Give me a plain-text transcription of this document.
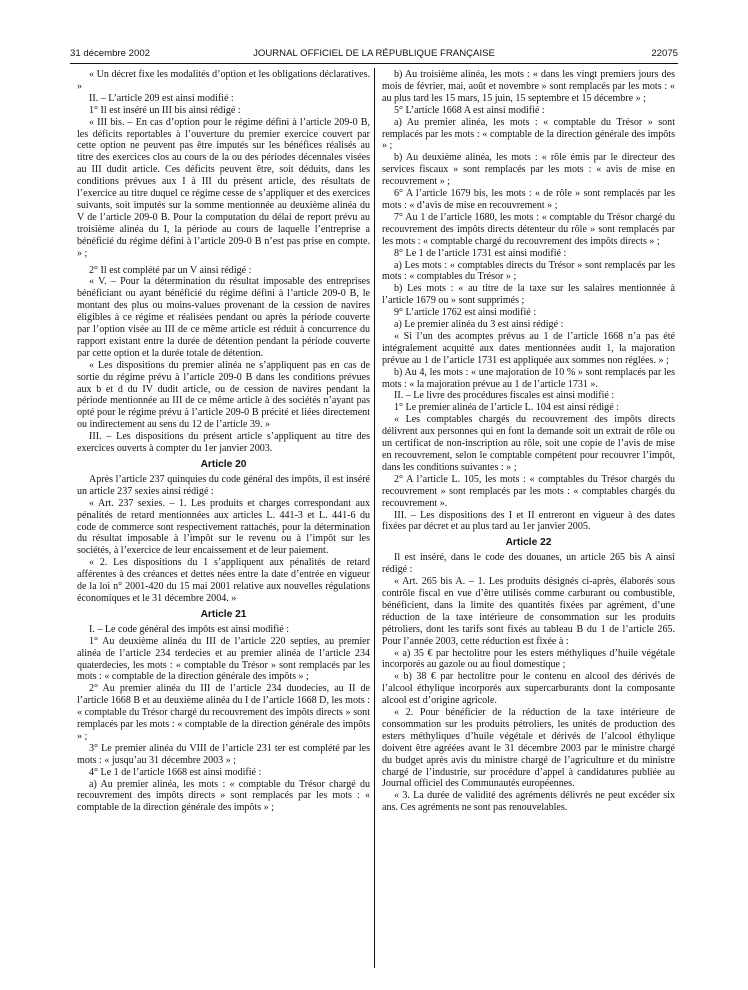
31 décembre 2002	JOURNAL OFFICIEL DE LA RÉPUBLIQUE FRANÇAISE	22075

« Un décret fixe les modalités d’option et les obligations déclaratives. »

II. – L’article 209 est ainsi modifié :

1° Il est inséré un III bis ainsi rédigé :

« III bis. – En cas d’option pour le régime défini à l’article 209-0 B, les déficits reportables à l’ouverture du premier exercice couvert par cette option ne peuvent pas être imputés sur les bénéfices réalisés au titre des exercices clos au cours de la ou des périodes décennales visées au III dudit article. Ces déficits peuvent être, soit déduits, dans les conditions prévues aux I à III du présent article, des résultats de l’exercice au titre duquel ce régime cesse de s’appliquer et des exercices suivants, soit imputés sur la somme mentionnée au deuxième alinéa du V de l’article 209-0 B. Pour la computation du délai de report prévu au troisième alinéa du I, la période au cours de laquelle l’entreprise a bénéficié du régime défini à l’article 209-0 B n’est pas prise en compte. » ;

2° Il est complété par un V ainsi rédigé :

« V. – Pour la détermination du résultat imposable des entreprises bénéficiant ou ayant bénéficié du régime défini à l’article 209-0 B, le montant des plus ou moins-values provenant de la cession de navires éligibles à ce régime et réalisées pendant ou après la période couverte par l’option visée au III de ce même article est réduit à concurrence du rapport existant entre la durée de détention pendant la période couverte par cette option et la durée totale de détention.

« Les dispositions du premier alinéa ne s’appliquent pas en cas de sortie du régime prévu à l’article 209-0 B dans les conditions prévues aux b et d du IV dudit article, ou de cession de navires pendant la période mentionnée au III de ce même article à des sociétés n’ayant pas opté pour le régime prévu à l’article 209-0 B précité et liées directement ou indirectement au sens du 12 de l’article 39. »

III. – Les dispositions du présent article s’appliquent au titre des exercices ouverts à compter du 1er janvier 2003.

Article 20

Après l’article 237 quinquies du code général des impôts, il est inséré un article 237 sexies ainsi rédigé :

« Art. 237 sexies. – 1. Les produits et charges correspondant aux pénalités de retard mentionnées aux articles L. 441-3 et L. 441-6 du code de commerce sont respectivement rattachés, pour la détermination du résultat imposable à l’impôt sur le revenu ou à l’impôt sur les sociétés, à l’exercice de leur encaissement et de leur paiement.

« 2. Les dispositions du 1 s’appliquent aux pénalités de retard afférentes à des créances et dettes nées entre la date d’entrée en vigueur de la loi n° 2001-420 du 15 mai 2001 relative aux nouvelles régulations économiques et le 31 décembre 2004. »

Article 21

I. – Le code général des impôts est ainsi modifié :

1° Au deuxième alinéa du III de l’article 220 septies, au premier alinéa de l’article 234 terdecies et au premier alinéa de l’article 234 quaterdecies, les mots : « comptable du Trésor » sont remplacés par les mots : « comptable de la direction générale des impôts » ;

2° Au premier alinéa du III de l’article 234 duodecies, au II de l’article 1668 B et au deuxième alinéa du I de l’article 1668 D, les mots : « comptable du Trésor chargé du recouvrement des impôts directs » sont remplacés par les mots : « comptable de la direction générale des impôts » ;

3° Le premier alinéa du VIII de l’article 231 ter est complété par les mots : « jusqu’au 31 décembre 2003 » ;

4° Le 1 de l’article 1668 est ainsi modifié :

a) Au premier alinéa, les mots : « comptable du Trésor chargé du recouvrement des impôts directs » sont remplacés par les mots : « comptable de la direction générale des impôts » ;

b) Au troisième alinéa, les mots : « dans les vingt premiers jours des mois de février, mai, août et novembre » sont remplacés par les mots : « au plus tard les 15 mars, 15 juin, 15 septembre et 15 décembre » ;

5° L’article 1668 A est ainsi modifié :

a) Au premier alinéa, les mots : « comptable du Trésor » sont remplacés par les mots : « comptable de la direction générale des impôts » ;

b) Au deuxième alinéa, les mots : « rôle émis par le directeur des services fiscaux » sont remplacés par les mots : « avis de mise en recouvrement » ;

6° A l’article 1679 bis, les mots : « de rôle » sont remplacés par les mots : « d’avis de mise en recouvrement » ;

7° Au 1 de l’article 1680, les mots : « comptable du Trésor chargé du recouvrement des impôts directs détenteur du rôle » sont remplacés par les mots : « comptable chargé du recouvrement des impôts directs » ;

8° Le 1 de l’article 1731 est ainsi modifié :

a) Les mots : « comptables directs du Trésor » sont remplacés par les mots : « comptables du Trésor » ;

b) Les mots : « au titre de la taxe sur les salaires mentionnée à l’article 1679 ou » sont supprimés ;

9° L’article 1762 est ainsi modifié :

a) Le premier alinéa du 3 est ainsi rédigé :

« Si l’un des acomptes prévus au 1 de l’article 1668 n’a pas été intégralement acquitté aux dates mentionnées audit 1, la majoration prévue au 1 de l’article 1731 est appliquée aux sommes non réglées. » ;

b) Au 4, les mots : « une majoration de 10 % » sont remplacés par les mots : « la majoration prévue au 1 de l’article 1731 ».

II. – Le livre des procédures fiscales est ainsi modifié :

1° Le premier alinéa de l’article L. 104 est ainsi rédigé :

« Les comptables chargés du recouvrement des impôts directs délivrent aux personnes qui en font la demande soit un extrait de rôle ou un certificat de non-inscription au rôle, soit une copie de l’avis de mise en recouvrement, selon le comptable compétent pour recouvrer l’impôt, dans les conditions suivantes : » ;

2° A l’article L. 105, les mots : « comptables du Trésor chargés du recouvrement » sont remplacés par les mots : « comptables chargés du recouvrement ».

III. – Les dispositions des I et II entreront en vigueur à des dates fixées par décret et au plus tard au 1er janvier 2005.

Article 22

Il est inséré, dans le code des douanes, un article 265 bis A ainsi rédigé :

« Art. 265 bis A. – 1. Les produits désignés ci-après, élaborés sous contrôle fiscal en vue d’être utilisés comme carburant ou combustible, bénéficient, dans la limite des quantités fixées par agrément, d’une réduction de la taxe intérieure de consommation sur les produits pétroliers, dont les tarifs sont fixés au tableau B du 1 de l’article 265. Pour l’année 2003, cette réduction est fixée à :

« a) 35 € par hectolitre pour les esters méthyliques d’huile végétale incorporés au gazole ou au fioul domestique ;

« b) 38 € par hectolitre pour le contenu en alcool des dérivés de l’alcool éthylique incorporés aux supercarburants dont la composante alcool est d’origine agricole.

« 2. Pour bénéficier de la réduction de la taxe intérieure de consommation sur les produits pétroliers, les unités de production des esters méthyliques d’huile végétale et dérivés de l’alcool éthylique doivent être agréées avant le 31 décembre 2003 par le ministre chargé du budget après avis du ministre chargé de l’agriculture et du ministre chargé de l’industrie, sur procédure d’appel à candidatures publiée au Journal officiel des Communautés européennes.

« 3. La durée de validité des agréments délivrés ne peut excéder six ans. Ces agréments ne sont pas renouvelables.
